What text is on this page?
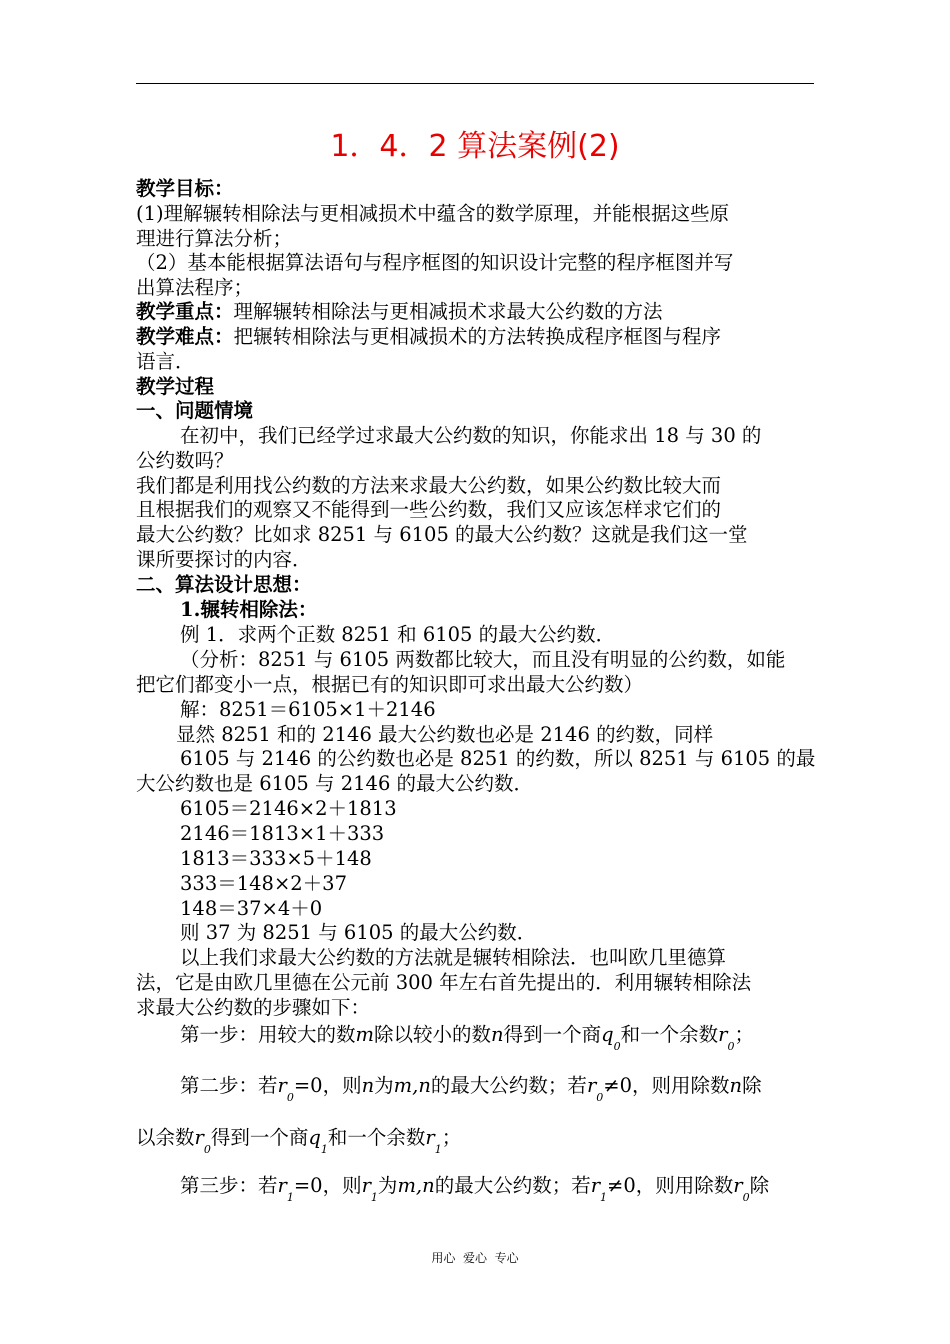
1．4．2 算法案例(2)
教学目标：
(1)理解辗转相除法与更相减损术中蕴含的数学原理，并能根据这些原
理进行算法分析；
（2）基本能根据算法语句与程序框图的知识设计完整的程序框图并写
出算法程序；
教学重点：理解辗转相除法与更相减损术求最大公约数的方法
教学难点：把辗转相除法与更相减损术的方法转换成程序框图与程序
语言．
教学过程
一、问题情境
在初中，我们已经学过求最大公约数的知识，你能求出 18 与 30 的
公约数吗？
我们都是利用找公约数的方法来求最大公约数，如果公约数比较大而
且根据我们的观察又不能得到一些公约数，我们又应该怎样求它们的
最大公约数？比如求 8251 与 6105 的最大公约数？这就是我们这一堂
课所要探讨的内容．
二、算法设计思想：
1.辗转相除法：
例 1．求两个正数 8251 和 6105 的最大公约数．
（分析：8251 与 6105 两数都比较大，而且没有明显的公约数，如能
把它们都变小一点，根据已有的知识即可求出最大公约数）
解：8251＝6105×1＋2146
显然 8251 和的 2146 最大公约数也必是 2146 的约数，同样
6105 与 2146 的公约数也必是 8251 的约数，所以 8251 与 6105 的最
大公约数也是 6105 与 2146 的最大公约数．
6105＝2146×2＋1813
2146＝1813×1＋333
1813＝333×5＋148
333＝148×2＋37
148＝37×4＋0
则 37 为 8251 与 6105 的最大公约数．
以上我们求最大公约数的方法就是辗转相除法．也叫欧几里德算
法，它是由欧几里德在公元前 300 年左右首先提出的．利用辗转相除法
求最大公约数的步骤如下：
第一步：用较大的数m除以较小的数n得到一个商$q_0$和一个余数$r_0$；
第二步：若$r_0=0$，则n为m,n的最大公约数；若$r_0\ne 0$，则用除数n除
以余数$r_0$得到一个商$q_1$和一个余数$r_1$；
第三步：若$r_1=0$，则$r_1$为m,n的最大公约数；若$r_1\ne 0$，则用除数$r_0$除
用心  爱心  专心
